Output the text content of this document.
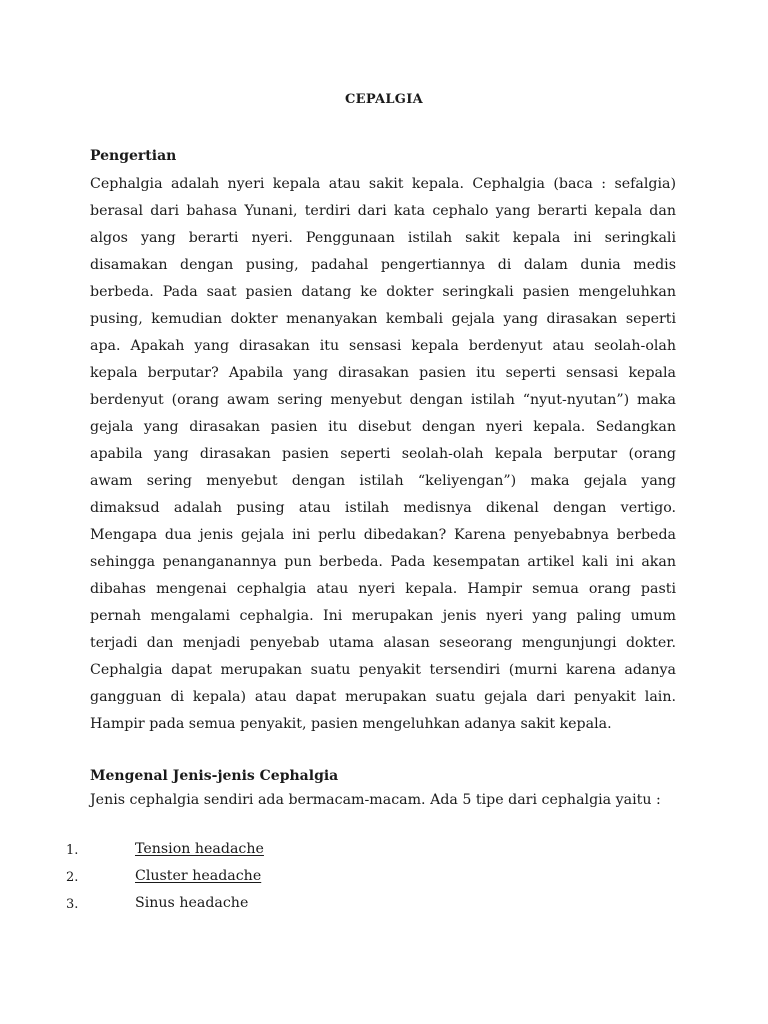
CEPALGIA
Pengertian
Cephalgia adalah nyeri kepala atau sakit kepala. Cephalgia (baca : sefalgia)
berasal dari bahasa Yunani, terdiri dari kata cephalo yang berarti kepala dan
algos yang berarti nyeri. Penggunaan istilah sakit kepala ini seringkali
disamakan dengan pusing, padahal pengertiannya di dalam dunia medis
berbeda. Pada saat pasien datang ke dokter seringkali pasien mengeluhkan
pusing, kemudian dokter menanyakan kembali gejala yang dirasakan seperti
apa. Apakah yang dirasakan itu sensasi kepala berdenyut atau seolah-olah
kepala berputar? Apabila yang dirasakan pasien itu seperti sensasi kepala
berdenyut (orang awam sering menyebut dengan istilah “nyut-nyutan”) maka
gejala yang dirasakan pasien itu disebut dengan nyeri kepala. Sedangkan
apabila yang dirasakan pasien seperti seolah-olah kepala berputar (orang
awam sering menyebut dengan istilah “keliyengan”) maka gejala yang
dimaksud adalah pusing atau istilah medisnya dikenal dengan vertigo.
Mengapa dua jenis gejala ini perlu dibedakan? Karena penyebabnya berbeda
sehingga penanganannya pun berbeda. Pada kesempatan artikel kali ini akan
dibahas mengenai cephalgia atau nyeri kepala. Hampir semua orang pasti
pernah mengalami cephalgia. Ini merupakan jenis nyeri yang paling umum
terjadi dan menjadi penyebab utama alasan seseorang mengunjungi dokter.
Cephalgia dapat merupakan suatu penyakit tersendiri (murni karena adanya
gangguan di kepala) atau dapat merupakan suatu gejala dari penyakit lain.
Hampir pada semua penyakit, pasien mengeluhkan adanya sakit kepala.
Mengenal Jenis-jenis Cephalgia
Jenis cephalgia sendiri ada bermacam-macam. Ada 5 tipe dari cephalgia yaitu :
1.	Tension headache
2.	Cluster headache
3.	Sinus headache
